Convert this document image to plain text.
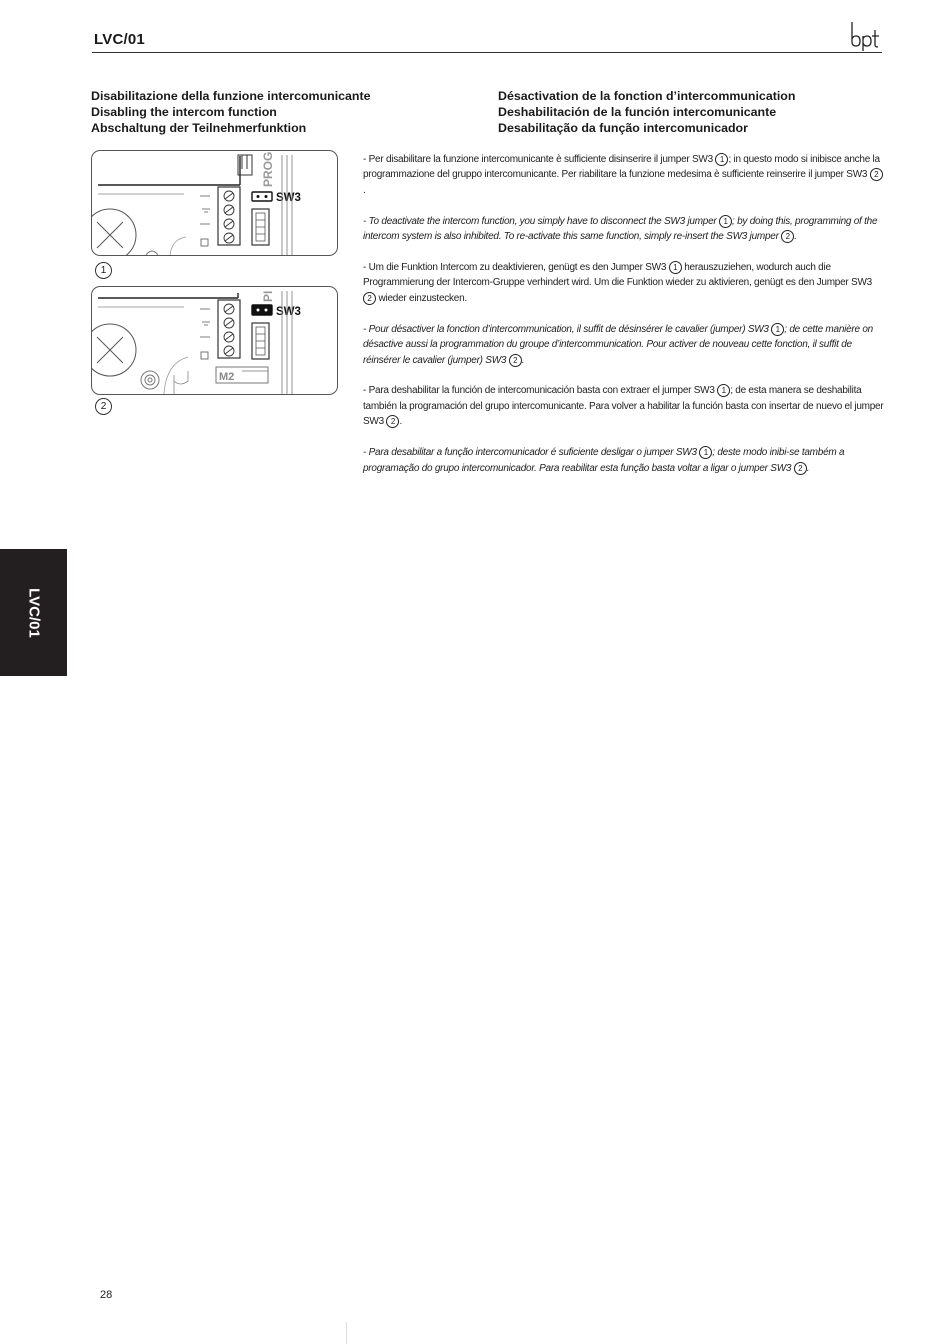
LVC/01
Disabilitazione della funzione intercomunicante
Disabling the intercom function
Abschaltung der Teilnehmerfunktion
Désactivation de la fonction d’intercommunication
Deshabilitación de la función intercomunicante
Desabilitação da função intercomunicador
SW3
PROG
1
SW3
M2
PI
2

- Per disabilitare la funzione intercomunicante è sufficiente disinserire il jumper SW3 1 ; in questo modo si inibisce anche la programmazione del gruppo intercomunicante. Per riabilitare la funzione medesima è sufficiente reinserire il jumper SW3 2.

- To deactivate the intercom function, you simply have to disconnect the SW3 jumper 1 ; by doing this, programming of the intercom system is also inhibited. To re-activate this same function, simply re-insert the SW3 jumper 2 .

- Um die Funktion Intercom zu deaktivieren, genügt es den Jumper SW3 1 herauszuziehen, wodurch auch die Programmierung der Intercom-Gruppe verhindert wird. Um die Funktion wieder zu aktivieren, genügt es den Jumper SW3 2 wieder einzustecken.

- Pour désactiver la fonction d’intercommunication, il suffit de désinsérer le cavalier (jumper) SW3 1 ; de cette manière on désactive aussi la programmation du groupe d’intercommunication. Pour activer de nouveau cette fonction, il suffit de réinsérer le cavalier (jumper) SW3 2 .

- Para deshabilitar la función de intercomunicación basta con extraer el jumper SW3 1 ; de esta manera se deshabilita también la programación del grupo intercomunicante. Para volver a habilitar la función basta con insertar de nuevo el jumper SW3 2 .

- Para desabilitar a função intercomunicador é suficiente desligar o jumper SW3 1 ; deste modo inibi-se também a programação do grupo intercomunicador. Para reabilitar esta função basta voltar a ligar o jumper SW3 2 .

LVC/01
28
